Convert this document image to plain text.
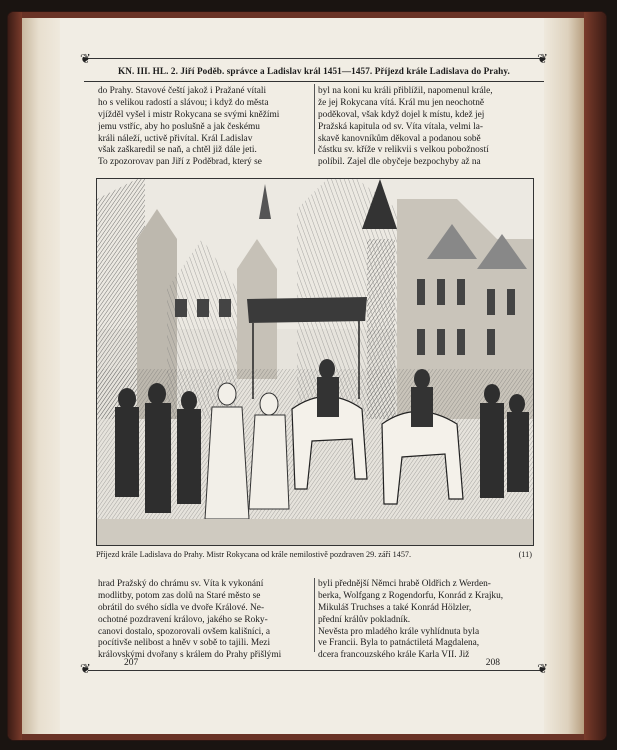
❦	❦
KN. III. HL. 2. Jiří Poděb. správce a Ladislav král 1451—1457. Příjezd krále Ladislava do Prahy.
do Prahy. Stavové čeští jakož i Pražané vítali
ho s velikou radostí a slávou; i když do města
vjížděl vyšel i mistr Rokycana se svými kněžími
jemu vstříc, aby ho poslušně a jak českému
králi náleží, uctivě přivítal. Král Ladislav
však zaškaredil se naň, a chtěl již dále jeti.
To zpozorovav pan Jiří z Poděbrad, který se
byl na koni ku králi přiblížil, napomenul krále,
že jej Rokycana vítá. Král mu jen neochotně
poděkoval, však když dojel k místu, kdež jej
Pražská kapitula od sv. Víta vítala, velmi la-
skavě kanovníkům děkoval a podanou sobě
částku sv. kříže v relikvii s velkou pobožností
políbil. Zajel dle obyčeje bezpochyby až na
Příjezd krále Ladislava do Prahy. Mistr Rokycana od krále nemilostivě pozdraven 29. září 1457.	(11)
hrad Pražský do chrámu sv. Víta k vykonání
modlitby, potom zas dolů na Staré město se
obrátil do svého sídla ve dvoře Králové. Ne-
ochotné pozdravení královo, jakého se Roky-
canovi dostalo, spozorovali ovšem kališníci, a
pocítivše nelibost a hněv v sobě to tajili. Mezi
královskými dvořany s králem do Prahy přišlými
byli přednější Němci hrabě Oldřich z Werden-
berka, Wolfgang z Rogendorfu, Konrád z Krajku,
Mikuláš Truchses a také Konrád Hölzler,
přední králův pokladník.
Nevěsta pro mladého krále vyhlídnuta byla
ve Francii. Byla to patnáctiletá Magdalena,
dcera francouzského krále Karla VII. Již
207	208
❦	❦
